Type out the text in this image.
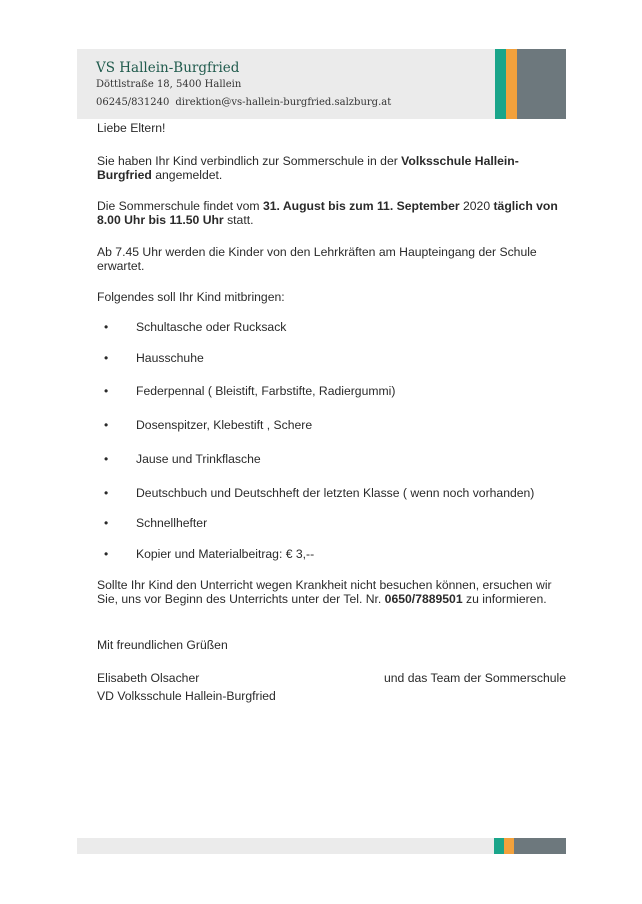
VS Hallein-Burgfried
Döttlstraße 18, 5400 Hallein
06245/831240 direktion@vs-hallein-burgfried.salzburg.at
Liebe Eltern!
Sie haben Ihr Kind verbindlich zur Sommerschule in der Volksschule Hallein-Burgfried angemeldet.
Die Sommerschule findet vom 31. August bis zum 11. September 2020 täglich von 8.00 Uhr bis 11.50 Uhr statt.
Ab 7.45 Uhr werden die Kinder von den Lehrkräften am Haupteingang der Schule erwartet.
Folgendes soll Ihr Kind mitbringen:
• Schultasche oder Rucksack
• Hausschuhe
• Federpennal ( Bleistift, Farbstifte, Radiergummi)
• Dosenspitzer, Klebestift , Schere
• Jause und Trinkflasche
• Deutschbuch und Deutschheft der letzten Klasse ( wenn noch vorhanden)
• Schnellhefter
• Kopier und Materialbeitrag: € 3,--
Sollte Ihr Kind den Unterricht wegen Krankheit nicht besuchen können, ersuchen wir Sie, uns vor Beginn des Unterrichts unter der Tel. Nr. 0650/7889501 zu informieren.
Mit freundlichen Grüßen
Elisabeth Olsacher
VD Volksschule Hallein-Burgfried
und das Team der Sommerschule
